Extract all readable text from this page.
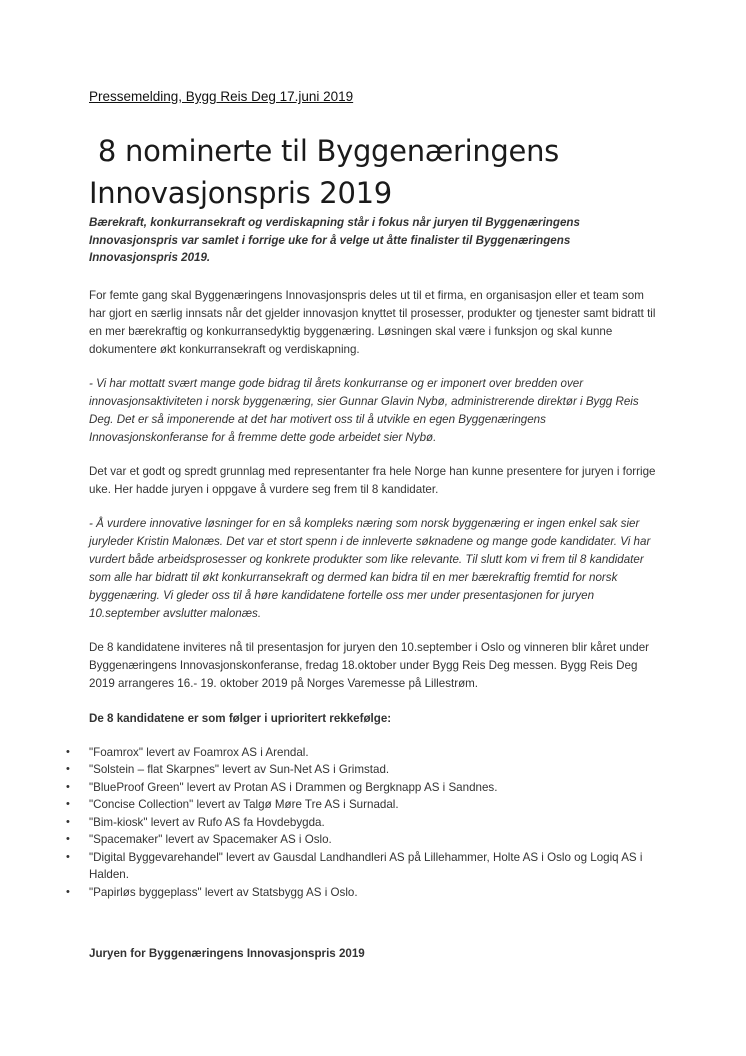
Pressemelding, Bygg Reis Deg 17.juni 2019

8 nominerte til Byggenæringens
Innovasjonspris 2019

Bærekraft, konkurransekraft og verdiskapning står i fokus når juryen til Byggenæringens Innovasjonspris var samlet i forrige uke for å velge ut åtte finalister til Byggenæringens Innovasjonspris 2019.

For femte gang skal Byggenæringens Innovasjonspris deles ut til et firma, en organisasjon eller et team som har gjort en særlig innsats når det gjelder innovasjon knyttet til prosesser, produkter og tjenester samt bidratt til en mer bærekraftig og konkurransedyktig byggenæring. Løsningen skal være i funksjon og skal kunne dokumentere økt konkurransekraft og verdiskapning.

- Vi har mottatt svært mange gode bidrag til årets konkurranse og er imponert over bredden over innovasjonsaktiviteten i norsk byggenæring, sier Gunnar Glavin Nybø, administrerende direktør i Bygg Reis Deg. Det er så imponerende at det har motivert oss til å utvikle en egen Byggenæringens Innovasjonskonferanse for å fremme dette gode arbeidet sier Nybø.

Det var et godt og spredt grunnlag med representanter fra hele Norge han kunne presentere for juryen i forrige uke. Her hadde juryen i oppgave å vurdere seg frem til 8 kandidater.

- Å vurdere innovative løsninger for en så kompleks næring som norsk byggenæring er ingen enkel sak sier juryleder Kristin Malonæs. Det var et stort spenn i de innleverte søknadene og mange gode kandidater. Vi har vurdert både arbeidsprosesser og konkrete produkter som like relevante. Til slutt kom vi frem til 8 kandidater som alle har bidratt til økt konkurransekraft og dermed kan bidra til en mer bærekraftig fremtid for norsk byggenæring. Vi gleder oss til å høre kandidatene fortelle oss mer under presentasjonen for juryen 10.september avslutter malonæs.

De 8 kandidatene inviteres nå til presentasjon for juryen den 10.september i Oslo og vinneren blir kåret under Byggenæringens Innovasjonskonferanse, fredag 18.oktober under Bygg Reis Deg messen. Bygg Reis Deg 2019 arrangeres 16.- 19. oktober 2019 på Norges Varemesse på Lillestrøm.

De 8 kandidatene er som følger i uprioritert rekkefølge:

• "Foamrox" levert av Foamrox AS i Arendal.
• "Solstein – flat Skarpnes" levert av Sun-Net AS i Grimstad.
• "BlueProof Green" levert av Protan AS i Drammen og Bergknapp AS i Sandnes.
• "Concise Collection" levert av Talgø Møre Tre AS i Surnadal.
• "Bim-kiosk" levert av Rufo AS fa Hovdebygda.
• "Spacemaker" levert av Spacemaker AS i Oslo.
• "Digital Byggevarehandel" levert av Gausdal Landhandleri AS på Lillehammer, Holte AS i Oslo og Logiq AS i Halden.
• "Papirløs byggeplass" levert av Statsbygg AS i Oslo.

Juryen for Byggenæringens Innovasjonspris 2019
